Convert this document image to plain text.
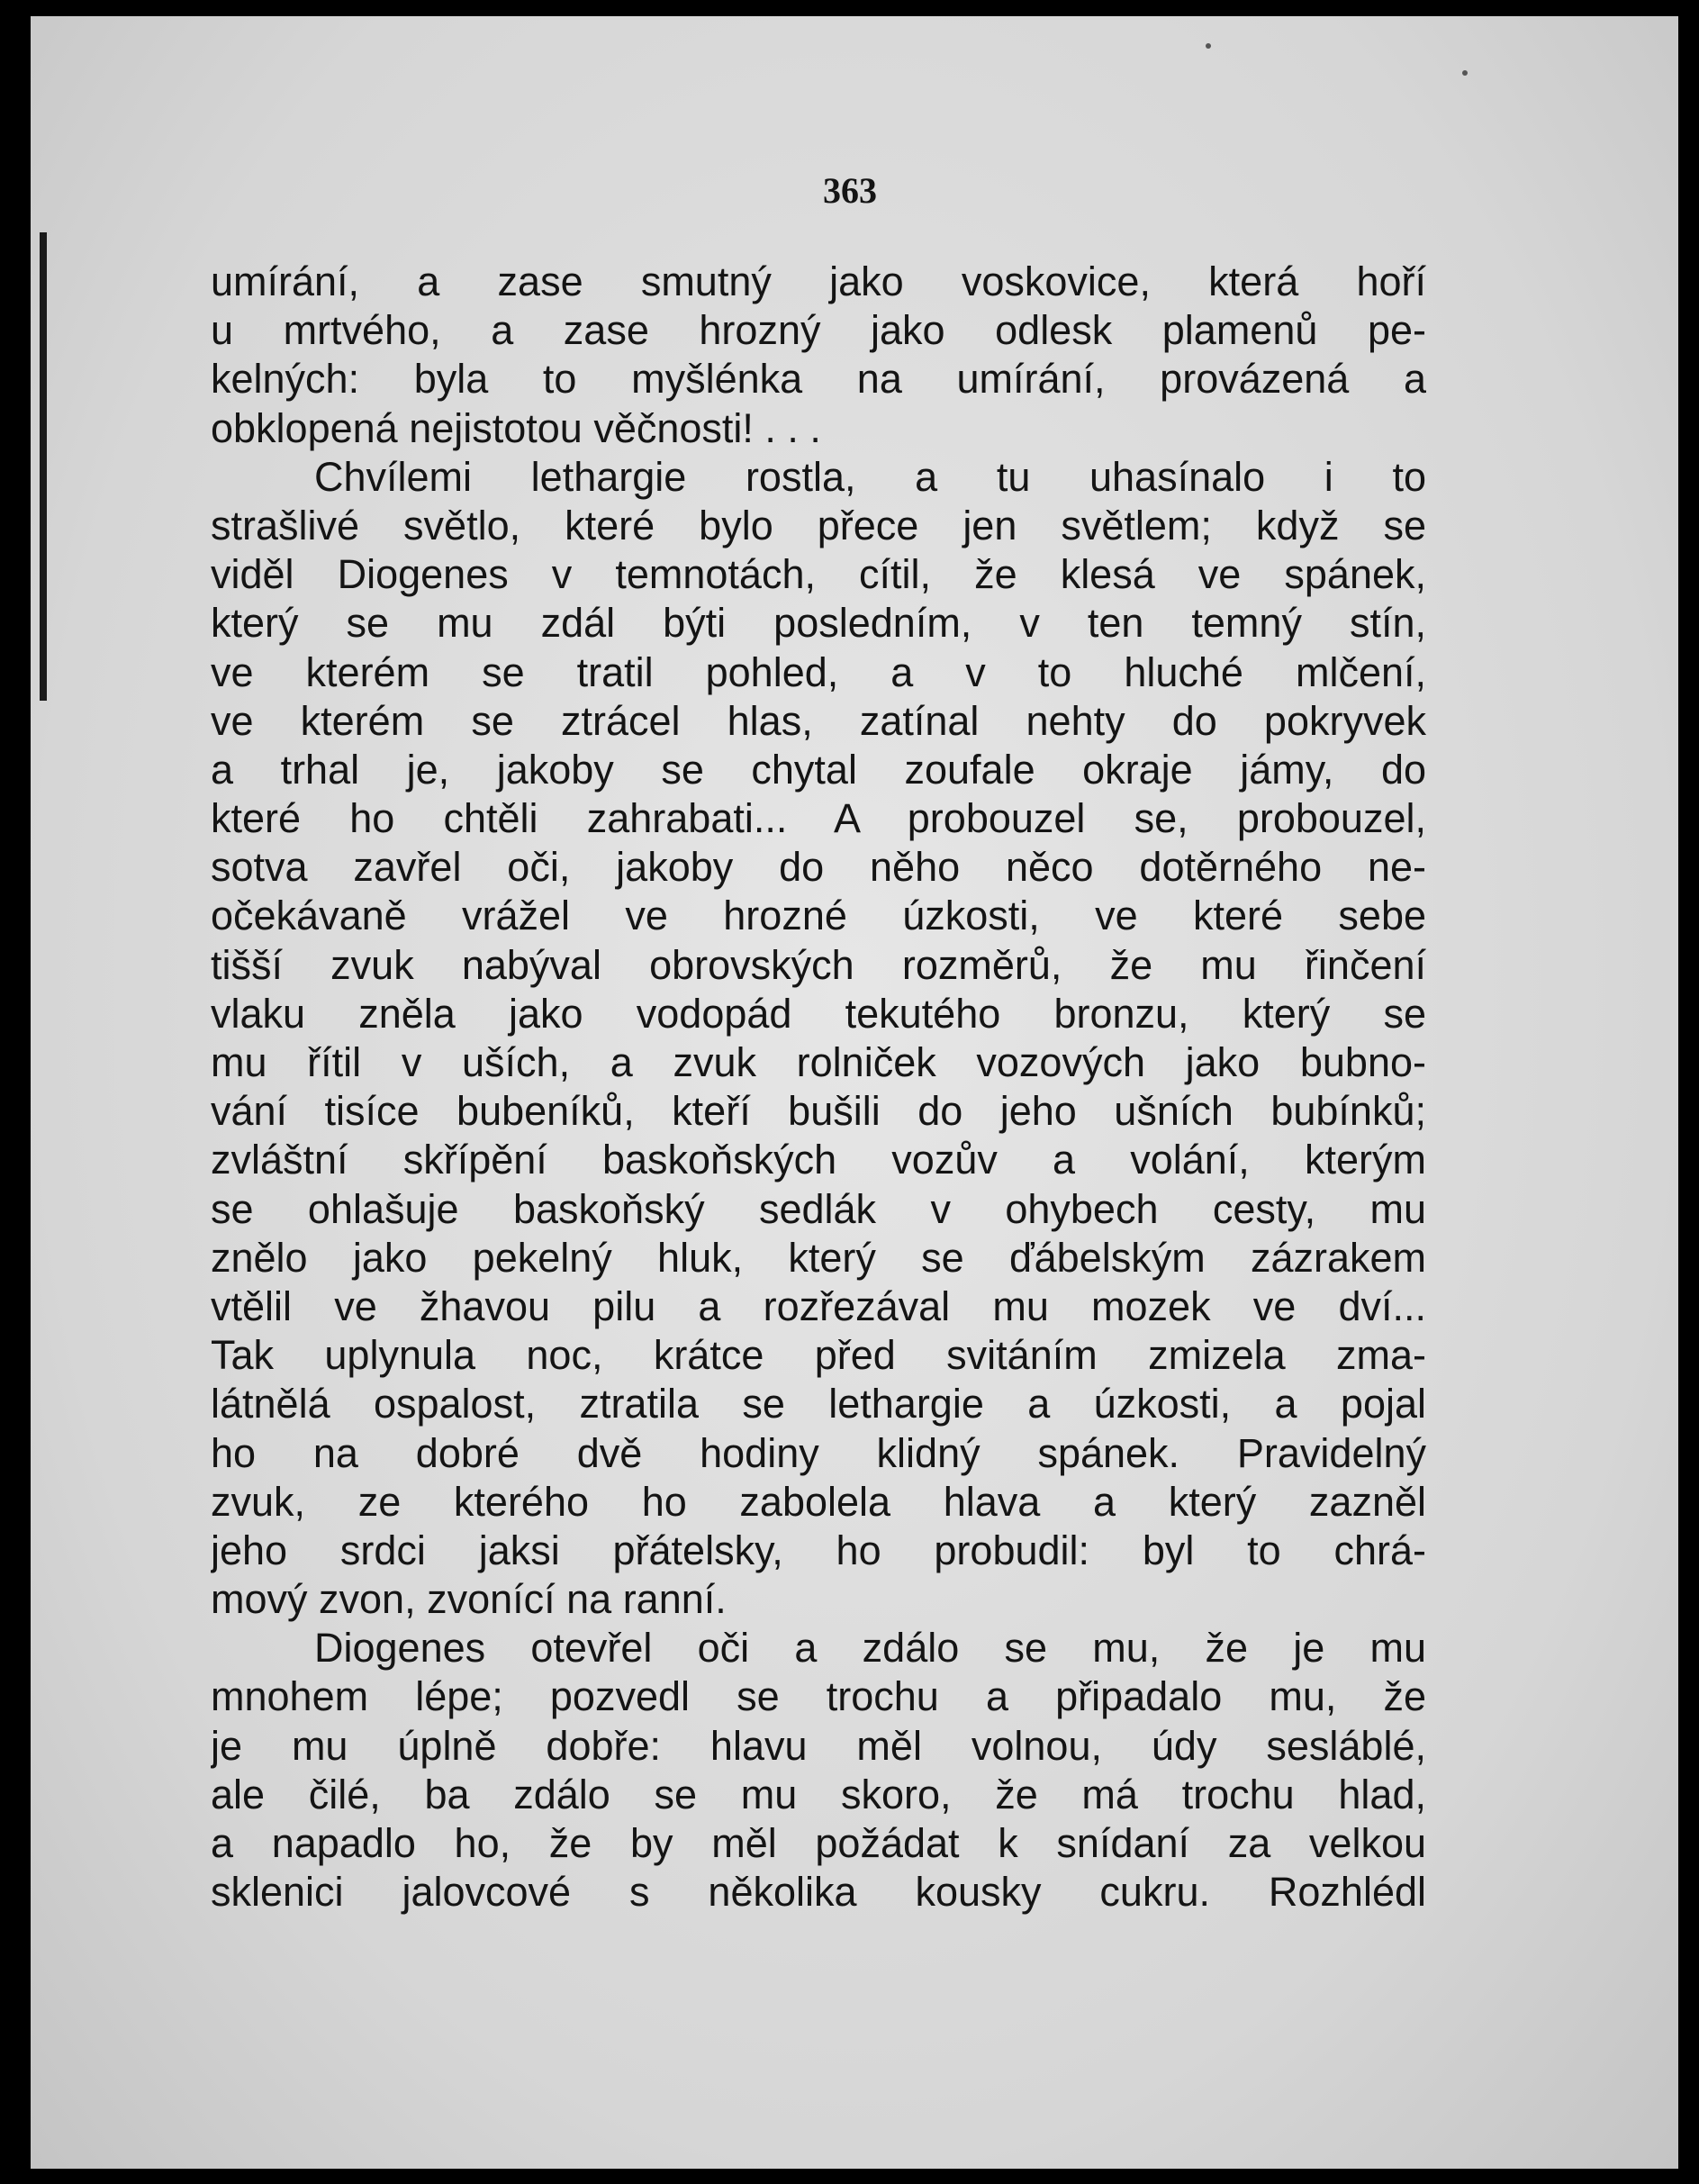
363
umírání, a zase smutný jako voskovice, která hoří
u mrtvého, a zase hrozný jako odlesk plamenů pe-
kelných: byla to myšlénka na umírání, provázená a
obklopená nejistotou věčnosti! . . .
Chvílemi lethargie rostla, a tu uhasínalo i to
strašlivé světlo, které bylo přece jen světlem; když se
viděl Diogenes v temnotách, cítil, že klesá ve spánek,
který se mu zdál býti posledním, v ten temný stín,
ve kterém se tratil pohled, a v to hluché mlčení,
ve kterém se ztrácel hlas, zatínal nehty do pokryvek
a trhal je, jakoby se chytal zoufale okraje jámy, do
které ho chtěli zahrabati... A probouzel se, probouzel,
sotva zavřel oči, jakoby do něho něco dotěrného ne-
očekávaně vrážel ve hrozné úzkosti, ve které sebe
tišší zvuk nabýval obrovských rozměrů, že mu řinčení
vlaku zněla jako vodopád tekutého bronzu, který se
mu řítil v uších, a zvuk rolniček vozových jako bubno-
vání tisíce bubeníků, kteří bušili do jeho ušních bubínků;
zvláštní skřípění baskoňských vozův a volání, kterým
se ohlašuje baskoňský sedlák v ohybech cesty, mu
znělo jako pekelný hluk, který se ďábelským zázrakem
vtělil ve žhavou pilu a rozřezával mu mozek ve dví...
Tak uplynula noc, krátce před svitáním zmizela zma-
látnělá ospalost, ztratila se lethargie a úzkosti, a pojal
ho na dobré dvě hodiny klidný spánek. Pravidelný
zvuk, ze kterého ho zabolela hlava a který zazněl
jeho srdci jaksi přátelsky, ho probudil: byl to chrá-
mový zvon, zvonící na ranní.
Diogenes otevřel oči a zdálo se mu, že je mu
mnohem lépe; pozvedl se trochu a připadalo mu, že
je mu úplně dobře: hlavu měl volnou, údy sesláblé,
ale čilé, ba zdálo se mu skoro, že má trochu hlad,
a napadlo ho, že by měl požádat k snídaní za velkou
sklenici jalovcové s několika kousky cukru. Rozhlédl
